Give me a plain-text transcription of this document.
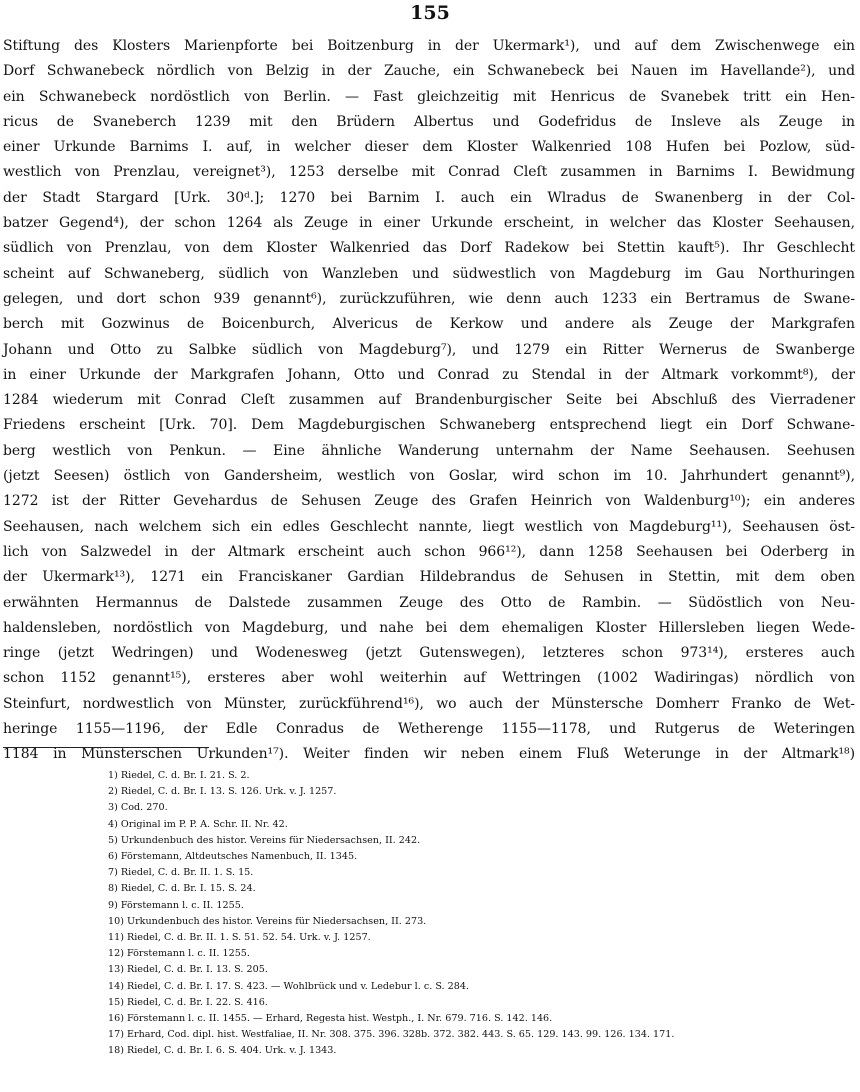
155
Stiftung des Klosters Marienpforte bei Boitzenburg in der Ukermark¹), und auf dem Zwischenwege ein
Dorf Schwanebeck nördlich von Belzig in der Zauche, ein Schwanebeck bei Nauen im Havellande²), und
ein Schwanebeck nordöstlich von Berlin. — Fast gleichzeitig mit Henricus de Svanebek tritt ein Hen-
ricus de Svaneberch 1239 mit den Brüdern Albertus und Godefridus de Insleve als Zeuge in
einer Urkunde Barnims I. auf, in welcher dieser dem Kloster Walkenried 108 Hufen bei Pozlow, süd-
westlich von Prenzlau, vereignet³), 1253 derselbe mit Conrad Cleſt zusammen in Barnims I. Bewidmung
der Stadt Stargard [Urk. 30ᵈ.]; 1270 bei Barnim I. auch ein Wlradus de Swanenberg in der Col-
batzer Gegend⁴), der schon 1264 als Zeuge in einer Urkunde erscheint, in welcher das Kloster Seehausen,
südlich von Prenzlau, von dem Kloster Walkenried das Dorf Radekow bei Stettin kauft⁵). Ihr Geschlecht
scheint auf Schwaneberg, südlich von Wanzleben und südwestlich von Magdeburg im Gau Northuringen
gelegen, und dort schon 939 genannt⁶), zurückzuführen, wie denn auch 1233 ein Bertramus de Swane-
berch mit Gozwinus de Boicenburch, Alvericus de Kerkow und andere als Zeuge der Markgrafen
Johann und Otto zu Salbke südlich von Magdeburg⁷), und 1279 ein Ritter Wernerus de Swanberge
in einer Urkunde der Markgrafen Johann, Otto und Conrad zu Stendal in der Altmark vorkommt⁸), der
1284 wiederum mit Conrad Cleſt zusammen auf Brandenburgischer Seite bei Abschluß des Vierradener
Friedens erscheint [Urk. 70]. Dem Magdeburgischen Schwaneberg entsprechend liegt ein Dorf Schwane-
berg westlich von Penkun. — Eine ähnliche Wanderung unternahm der Name Seehausen. Seehusen
(jetzt Seesen) östlich von Gandersheim, westlich von Goslar, wird schon im 10. Jahrhundert genannt⁹),
1272 ist der Ritter Gevehardus de Sehusen Zeuge des Grafen Heinrich von Waldenburg¹⁰); ein anderes
Seehausen, nach welchem sich ein edles Geschlecht nannte, liegt westlich von Magdeburg¹¹), Seehausen öst-
lich von Salzwedel in der Altmark erscheint auch schon 966¹²), dann 1258 Seehausen bei Oderberg in
der Ukermark¹³), 1271 ein Franciskaner Gardian Hildebrandus de Sehusen in Stettin, mit dem oben
erwähnten Hermannus de Dalstede zusammen Zeuge des Otto de Rambin. — Südöstlich von Neu-
haldensleben, nordöstlich von Magdeburg, und nahe bei dem ehemaligen Kloster Hillersleben liegen Wede-
ringe (jetzt Wedringen) und Wodenesweg (jetzt Gutenswegen), letzteres schon 973¹⁴), ersteres auch
schon 1152 genannt¹⁵), ersteres aber wohl weiterhin auf Wettringen (1002 Wadiringas) nördlich von
Steinfurt, nordwestlich von Münster, zurückführend¹⁶), wo auch der Münstersche Domherr Franko de Wet-
heringe 1155—1196, der Edle Conradus de Wetherenge 1155—1178, und Rutgerus de Weteringen
1184 in Münsterschen Urkunden¹⁷). Weiter finden wir neben einem Fluß Weterunge in der Altmark¹⁸)
1) Riedel, C. d. Br. I. 21. S. 2.
2) Riedel, C. d. Br. I. 13. S. 126. Urk. v. J. 1257.
3) Cod. 270.
4) Original im P. P. A. Schr. II. Nr. 42.
5) Urkundenbuch des histor. Vereins für Niedersachsen, II. 242.
6) Förstemann, Altdeutsches Namenbuch, II. 1345.
7) Riedel, C. d. Br. II. 1. S. 15.
8) Riedel, C. d. Br. I. 15. S. 24.
9) Förstemann l. c. II. 1255.
10) Urkundenbuch des histor. Vereins für Niedersachsen, II. 273.
11) Riedel, C. d. Br. II. 1. S. 51. 52. 54. Urk. v. J. 1257.
12) Förstemann l. c. II. 1255.
13) Riedel, C. d. Br. I. 13. S. 205.
14) Riedel, C. d. Br. I. 17. S. 423. — Wohlbrück und v. Ledebur l. c. S. 284.
15) Riedel, C. d. Br. I. 22. S. 416.
16) Förstemann l. c. II. 1455. — Erhard, Regesta hist. Westph., I. Nr. 679. 716. S. 142. 146.
17) Erhard, Cod. dipl. hist. Westfaliae, II. Nr. 308. 375. 396. 328b. 372. 382. 443. S. 65. 129. 143. 99. 126. 134. 171.
18) Riedel, C. d. Br. I. 6. S. 404. Urk. v. J. 1343.
